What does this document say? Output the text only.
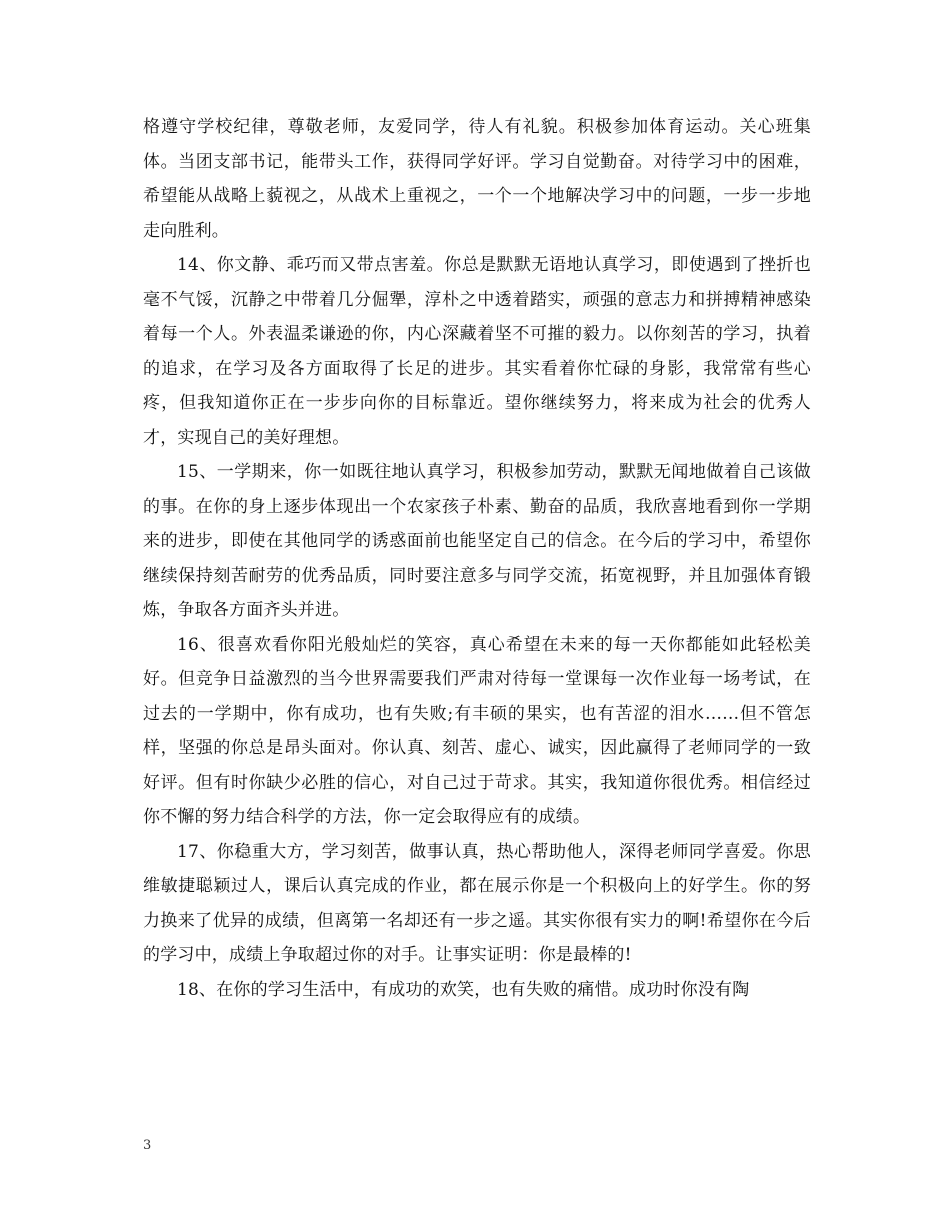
格遵守学校纪律，尊敬老师，友爱同学，待人有礼貌。积极参加体育运动。关心班集体。当团支部书记，能带头工作，获得同学好评。学习自觉勤奋。对待学习中的困难，希望能从战略上藐视之，从战术上重视之，一个一个地解决学习中的问题，一步一步地走向胜利。

14、你文静、乖巧而又带点害羞。你总是默默无语地认真学习，即使遇到了挫折也毫不气馁，沉静之中带着几分倔犟，淳朴之中透着踏实，顽强的意志力和拼搏精神感染着每一个人。外表温柔谦逊的你，内心深藏着坚不可摧的毅力。以你刻苦的学习，执着的追求，在学习及各方面取得了长足的进步。其实看着你忙碌的身影，我常常有些心疼，但我知道你正在一步步向你的目标靠近。望你继续努力，将来成为社会的优秀人才，实现自己的美好理想。

15、一学期来，你一如既往地认真学习，积极参加劳动，默默无闻地做着自己该做的事。在你的身上逐步体现出一个农家孩子朴素、勤奋的品质，我欣喜地看到你一学期来的进步，即使在其他同学的诱惑面前也能坚定自己的信念。在今后的学习中，希望你继续保持刻苦耐劳的优秀品质，同时要注意多与同学交流，拓宽视野，并且加强体育锻炼，争取各方面齐头并进。

16、很喜欢看你阳光般灿烂的笑容，真心希望在未来的每一天你都能如此轻松美好。但竞争日益激烈的当今世界需要我们严肃对待每一堂课每一次作业每一场考试，在过去的一学期中，你有成功，也有失败;有丰硕的果实，也有苦涩的泪水……但不管怎样，坚强的你总是昂头面对。你认真、刻苦、虚心、诚实，因此赢得了老师同学的一致好评。但有时你缺少必胜的信心，对自己过于苛求。其实，我知道你很优秀。相信经过你不懈的努力结合科学的方法，你一定会取得应有的成绩。

17、你稳重大方，学习刻苦，做事认真，热心帮助他人，深得老师同学喜爱。你思维敏捷聪颖过人，课后认真完成的作业，都在展示你是一个积极向上的好学生。你的努力换来了优异的成绩，但离第一名却还有一步之遥。其实你很有实力的啊!希望你在今后的学习中，成绩上争取超过你的对手。让事实证明：你是最棒的!

18、在你的学习生活中，有成功的欢笑，也有失败的痛惜。成功时你没有陶

3
